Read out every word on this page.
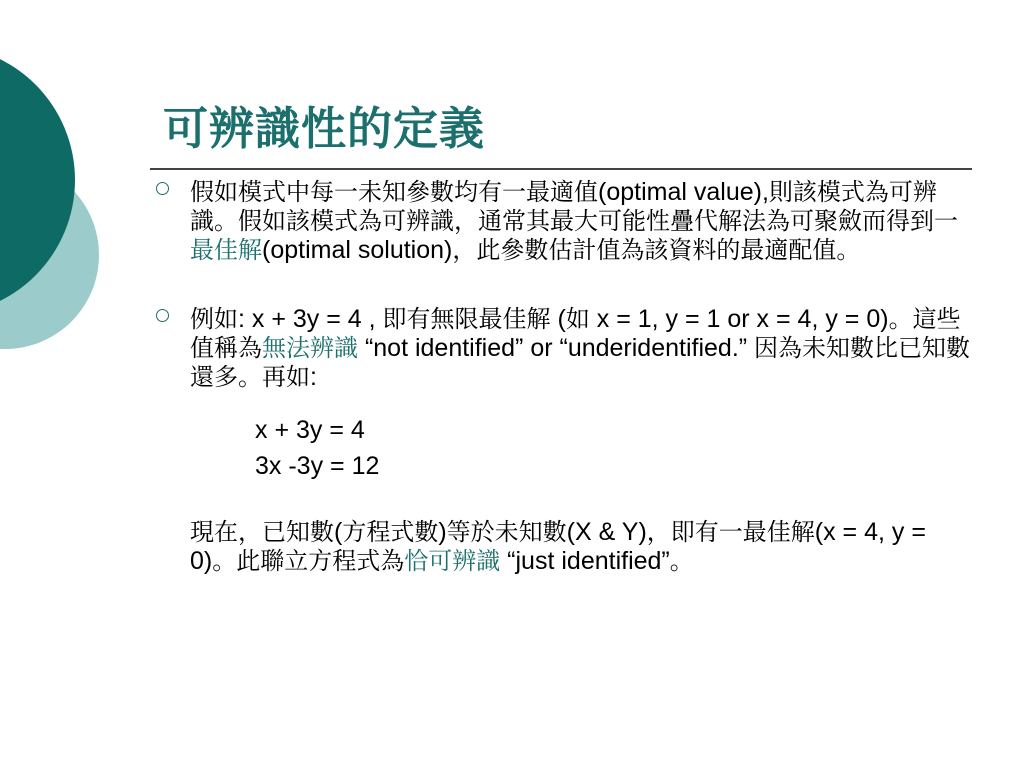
可辨識性的定義
假如模式中每一未知參數均有一最適值(optimal value),則該模式為可辨識。假如該模式為可辨識，通常其最大可能性疊代解法為可聚斂而得到一最佳解(optimal solution)，此參數估計值為該資料的最適配值。
例如: x + 3y = 4 , 即有無限最佳解 (如 x = 1, y = 1 or x = 4, y = 0)。這些值稱為無法辨識 “not identified” or “underidentified.” 因為未知數比已知數還多。再如:
x + 3y = 4
3x -3y = 12
現在，已知數(方程式數)等於未知數(X & Y)，即有一最佳解(x = 4, y = 0)。此聯立方程式為恰可辨識 “just identified”。
